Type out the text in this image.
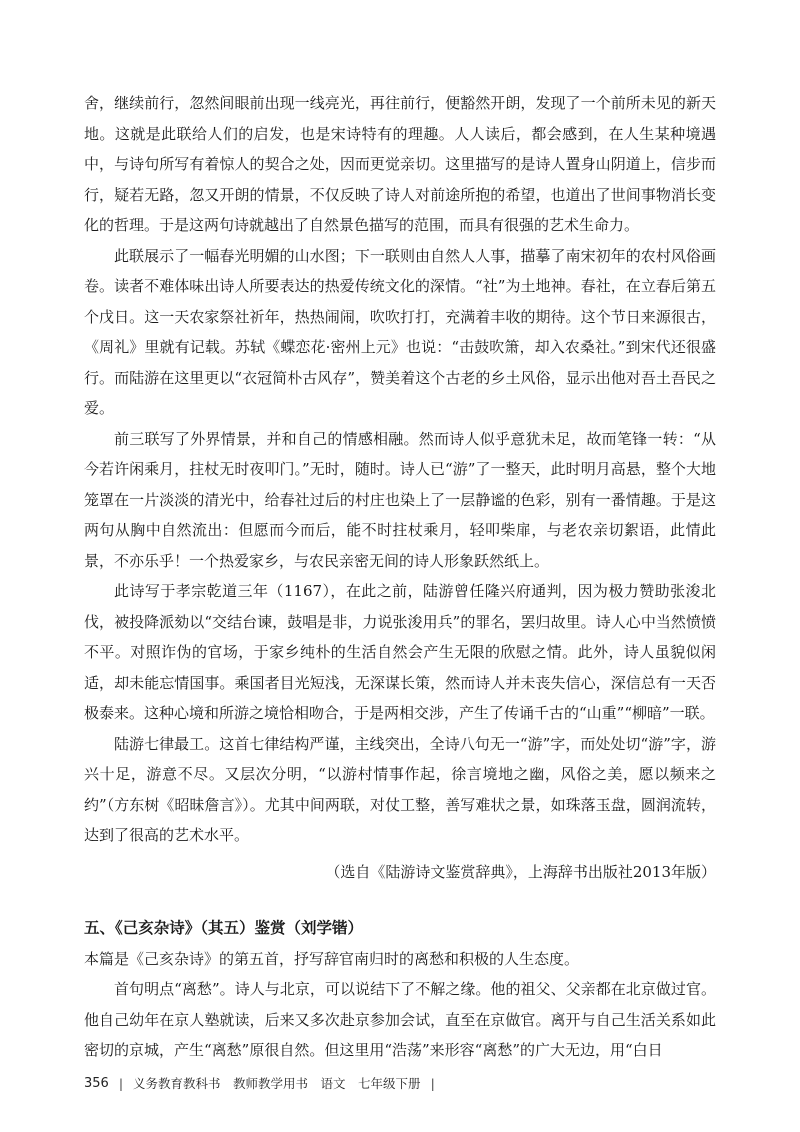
舍，继续前行，忽然间眼前出现一线亮光，再往前行，便豁然开朗，发现了一个前所未见的新天地。这就是此联给人们的启发，也是宋诗特有的理趣。人人读后，都会感到，在人生某种境遇中，与诗句所写有着惊人的契合之处，因而更觉亲切。这里描写的是诗人置身山阴道上，信步而行，疑若无路，忽又开朗的情景，不仅反映了诗人对前途所抱的希望，也道出了世间事物消长变化的哲理。于是这两句诗就越出了自然景色描写的范围，而具有很强的艺术生命力。

此联展示了一幅春光明媚的山水图；下一联则由自然人人事，描摹了南宋初年的农村风俗画卷。读者不难体味出诗人所要表达的热爱传统文化的深情。“社”为土地神。春社，在立春后第五个戊日。这一天农家祭社祈年，热热闹闹，吹吹打打，充满着丰收的期待。这个节日来源很古，《周礼》里就有记载。苏轼《蝶恋花·密州上元》也说：“击鼓吹箫，却入农桑社。”到宋代还很盛行。而陆游在这里更以“衣冠简朴古风存”，赞美着这个古老的乡土风俗，显示出他对吾土吾民之爱。

前三联写了外界情景，并和自己的情感相融。然而诗人似乎意犹未足，故而笔锋一转：“从今若许闲乘月，拄杖无时夜叩门。”无时，随时。诗人已“游”了一整天，此时明月高悬，整个大地笼罩在一片淡淡的清光中，给春社过后的村庄也染上了一层静谧的色彩，别有一番情趣。于是这两句从胸中自然流出：但愿而今而后，能不时拄杖乘月，轻叩柴扉，与老农亲切絮语，此情此景，不亦乐乎！一个热爱家乡，与农民亲密无间的诗人形象跃然纸上。

此诗写于孝宗乾道三年（1167），在此之前，陆游曾任隆兴府通判，因为极力赞助张浚北伐，被投降派劾以“交结台谏，鼓唱是非，力说张浚用兵”的罪名，罢归故里。诗人心中当然愤愤不平。对照诈伪的官场，于家乡纯朴的生活自然会产生无限的欣慰之情。此外，诗人虽貌似闲适，却未能忘情国事。乘国者目光短浅，无深谋长策，然而诗人并未丧失信心，深信总有一天否极泰来。这种心境和所游之境恰相吻合，于是两相交涉，产生了传诵千古的“山重”“柳暗”一联。

陆游七律最工。这首七律结构严谨，主线突出，全诗八句无一“游”字，而处处切“游”字，游兴十足，游意不尽。又层次分明，“以游村情事作起，徐言境地之幽，风俗之美，愿以频来之约”（方东树《昭昧詹言》）。尤其中间两联，对仗工整，善写难状之景，如珠落玉盘，圆润流转，达到了很高的艺术水平。

（选自《陆游诗文鉴赏辞典》，上海辞书出版社2013年版）

五、《己亥杂诗》（其五）鉴赏（刘学锴）

本篇是《己亥杂诗》的第五首，抒写辞官南归时的离愁和积极的人生态度。

首句明点“离愁”。诗人与北京，可以说结下了不解之缘。他的祖父、父亲都在北京做过官。他自己幼年在京人塾就读，后来又多次赴京参加会试，直至在京做官。离开与自己生活关系如此密切的京城，产生“离愁”原很自然。但这里用“浩荡”来形容“离愁”的广大无边，用“白日

356 | 义务教育教科书　教师教学用书　语文　七年级下册 |
